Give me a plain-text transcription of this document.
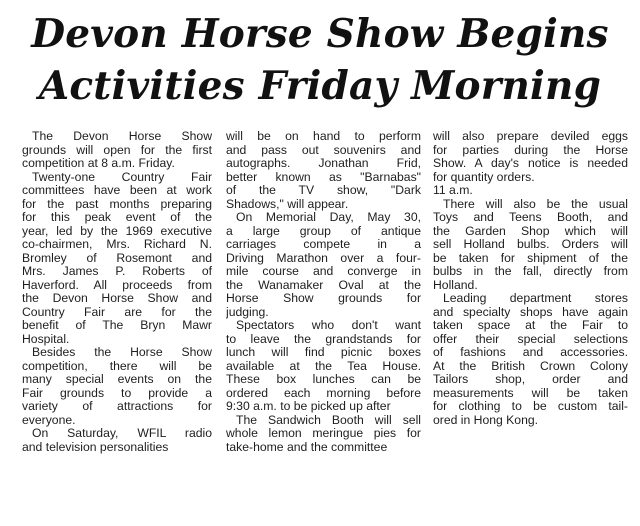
Devon Horse Show Begins
Activities Friday Morning
The Devon Horse Show
grounds will open for the first
competition at 8 a.m. Friday.
Twenty-one Country Fair
committees have been at work
for the past months preparing
for this peak event of the
year, led by the 1969 executive
co-chairmen, Mrs. Richard N.
Bromley of Rosemont and
Mrs. James P. Roberts of
Haverford. All proceeds from
the Devon Horse Show and
Country Fair are for the
benefit of The Bryn Mawr
Hospital.
Besides the Horse Show
competition, there will be
many special events on the
Fair grounds to provide a
variety of attractions for
everyone.
On Saturday, WFIL radio
and television personalities
will be on hand to perform
and pass out souvenirs and
autographs. Jonathan Frid,
better known as "Barnabas"
of the TV show, "Dark
Shadows," will appear.
On Memorial Day, May 30,
a large group of antique
carriages compete in a
Driving Marathon over a four-
mile course and converge in
the Wanamaker Oval at the
Horse Show grounds for
judging.
Spectators who don't want
to leave the grandstands for
lunch will find picnic boxes
available at the Tea House.
These box lunches can be
ordered each morning before
9:30 a.m. to be picked up after
The Sandwich Booth will sell
whole lemon meringue pies for
take-home and the committee
will also prepare deviled eggs
for parties during the Horse
Show. A day's notice is needed
for quantity orders.
11 a.m.
There will also be the usual
Toys and Teens Booth, and
the Garden Shop which will
sell Holland bulbs. Orders will
be taken for shipment of the
bulbs in the fall, directly from
Holland.
Leading department stores
and specialty shops have again
taken space at the Fair to
offer their special selections
of fashions and accessories.
At the British Crown Colony
Tailors shop, order and
measurements will be taken
for clothing to be custom tail-
ored in Hong Kong.
